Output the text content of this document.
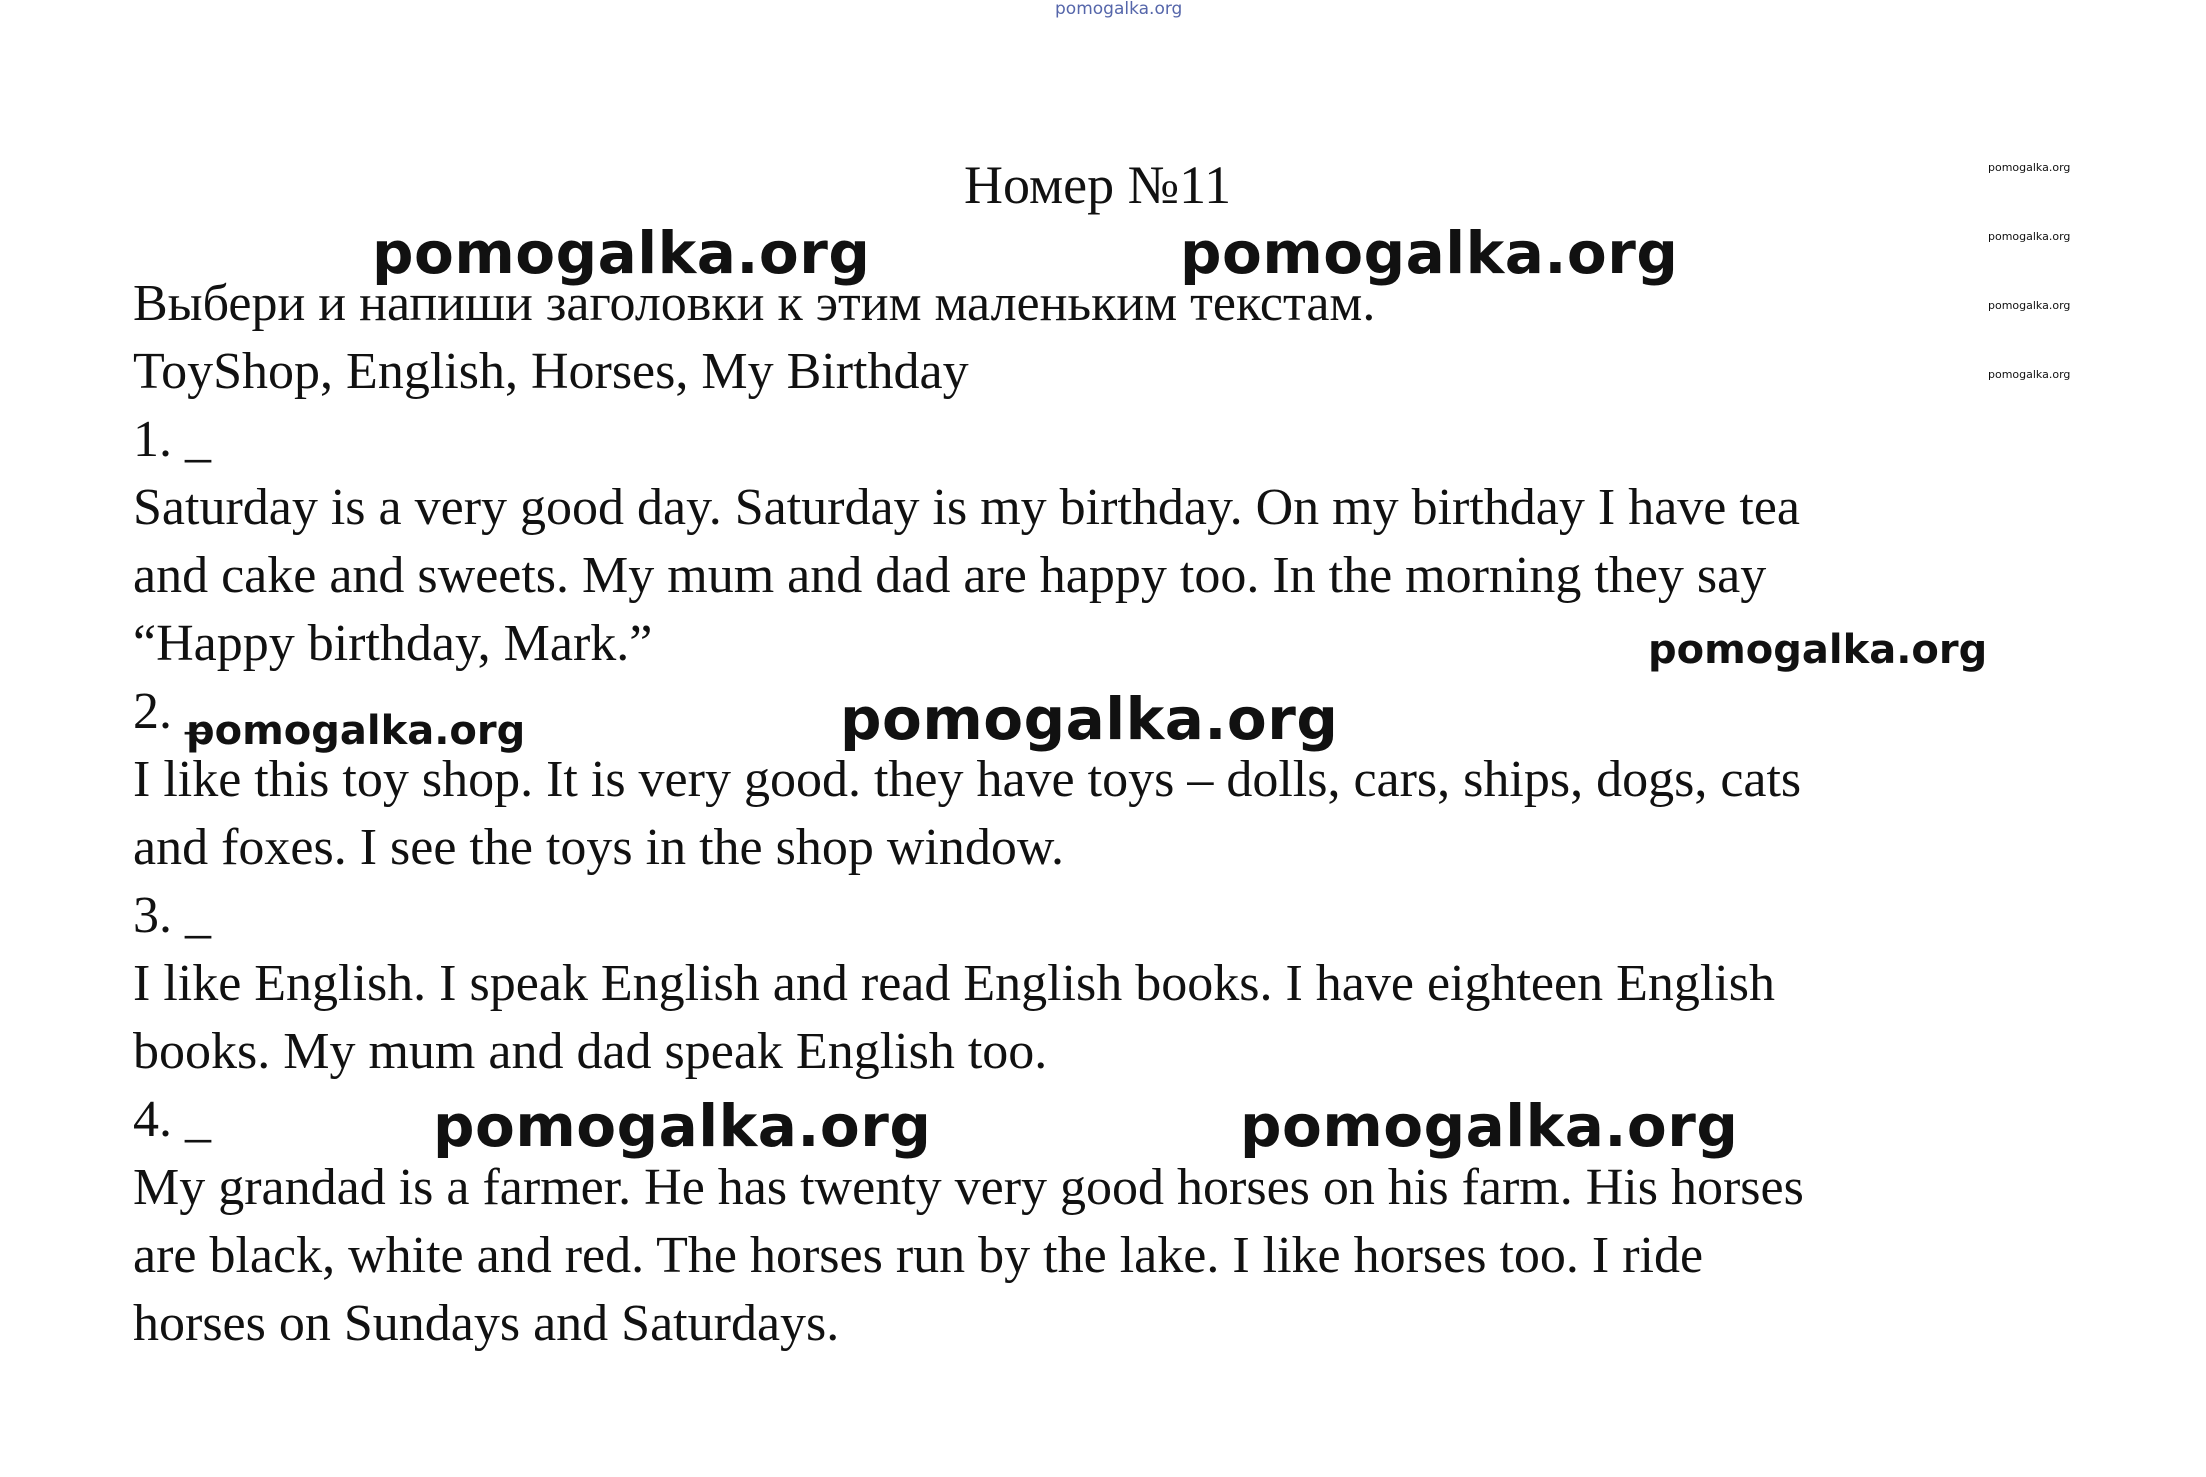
pomogalka.org
Номер №11
Выбери и напиши заголовки к этим маленьким текстам.
ToyShop, English, Horses, My Birthday
1. _
Saturday is a very good day. Saturday is my birthday. On my birthday I have tea
and cake and sweets. My mum and dad are happy too. In the morning they say
“Happy birthday, Mark.”
2. _
I like this toy shop. It is very good. they have toys – dolls, cars, ships, dogs, cats
and foxes. I see the toys in the shop window.
3. _
I like English. I speak English and read English books. I have eighteen English
books. My mum and dad speak English too.
4. _
My grandad is a farmer. He has twenty very good horses on his farm. His horses
are black, white and red. The horses run by the lake. I like horses too. I ride
horses on Sundays and Saturdays.
pomogalka.org	pomogalka.org
pomogalka.org
pomogalka.org	pomogalka.org
pomogalka.org
pomogalka.org
pomogalka.org
pomogalka.org
pomogalka.org
pomogalka.org
